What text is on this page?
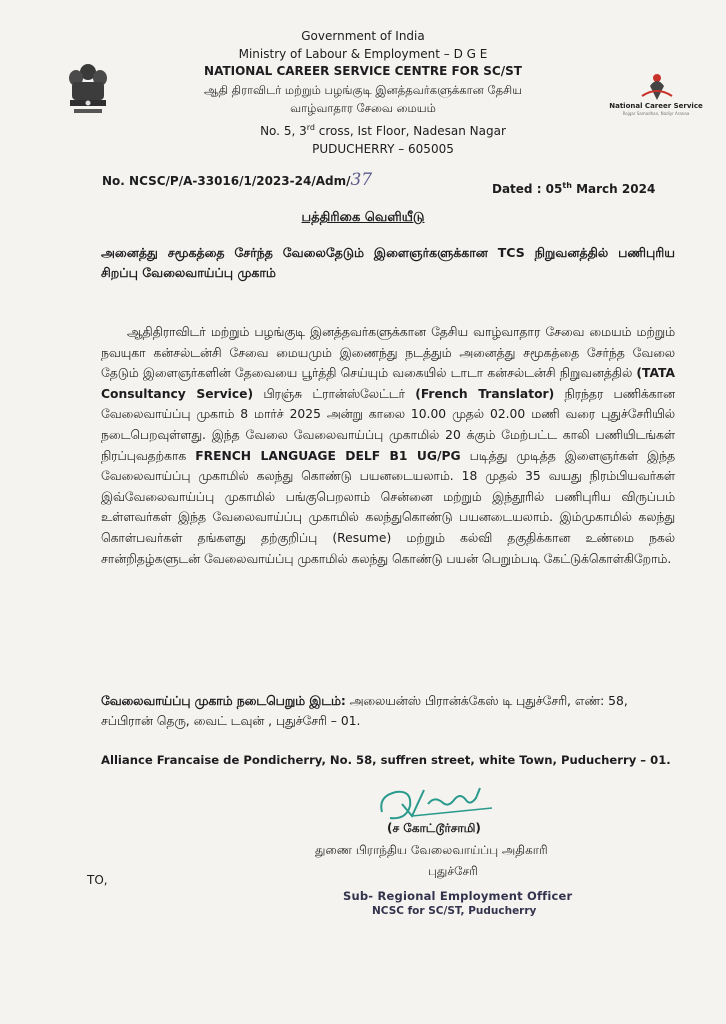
Government of India
Ministry of Labour & Employment – D G E
NATIONAL CAREER SERVICE CENTRE FOR SC/ST
ஆதி திராவிடர் மற்றும் பழங்குடி இனத்தவர்களுக்கான தேசிய
வாழ்வாதார சேவை மையம்
No. 5, 3rd cross, Ist Floor, Nadesan Nagar
PUDUCHERRY – 605005
National Career Service
Rojgar Samadhan, Nadiyr Aranaa
No. NCSC/P/A-33016/1/2023-24/Adm/37	Dated : 05th March 2024
பத்திரிகை வெளியீடு
அனைத்து சமூகத்தை சேர்ந்த வேலைதேடும் இளைஞர்களுக்கான TCS நிறுவனத்தில் பணிபுரிய சிறப்பு வேலைவாய்ப்பு முகாம்
ஆதிதிராவிடர் மற்றும் பழங்குடி இனத்தவர்களுக்கான தேசிய வாழ்வாதார சேவை மையம் மற்றும் நவயுகா கன்சல்டன்சி சேவை மையமும் இணைந்து நடத்தும் அனைத்து சமூகத்தை சேர்ந்த வேலை தேடும் இளைஞர்களின் தேவையை பூர்த்தி செய்யும் வகையில் டாடா கன்சல்டன்சி நிறுவனத்தில் (TATA Consultancy Service) பிரஞ்சு ட்ரான்ஸ்லேட்டர் (French Translator) நிரந்தர பணிக்கான வேலைவாய்ப்பு முகாம் 8 மார்ச் 2025 அன்று காலை 10.00 முதல் 02.00 மணி வரை புதுச்சேரியில் நடைபெறவுள்ளது. இந்த வேலை வேலைவாய்ப்பு முகாமில் 20 க்கும் மேற்பட்ட காலி பணியிடங்கள் நிரப்புவதற்காக FRENCH LANGUAGE DELF B1 UG/PG படித்து முடித்த இளைஞர்கள் இந்த வேலைவாய்ப்பு முகாமில் கலந்து கொண்டு பயனடையலாம். 18 முதல் 35 வயது நிரம்பியவர்கள் இவ்வேலைவாய்ப்பு முகாமில் பங்குபெறலாம் சென்னை மற்றும் இந்தூரில் பணிபுரிய விருப்பம் உள்ளவர்கள் இந்த வேலைவாய்ப்பு முகாமில் கலந்துகொண்டு பயனடையலாம். இம்முகாமில் கலந்து கொள்பவர்கள் தங்களது தற்குறிப்பு (Resume) மற்றும் கல்வி தகுதிக்கான உண்மை நகல் சான்றிதழ்களுடன் வேலைவாய்ப்பு முகாமில் கலந்து கொண்டு பயன் பெறும்படி கேட்டுக்கொள்கிறோம்.
வேலைவாய்ப்பு முகாம் நடைபெறும் இடம்: அலையன்ஸ் பிரான்க்கேஸ் டி புதுச்சேரி, எண்: 58, சப்பிரான் தெரு, வைட் டவுன் , புதுச்சேரி – 01.
Alliance Francaise de Pondicherry, No. 58, suffren street, white Town, Puducherry – 01.
(ச கோட்டூர்சாமி)
துணை பிராந்திய வேலைவாய்ப்பு அதிகாரி
புதுச்சேரி
TO,
Sub- Regional Employment Officer
NCSC for SC/ST, Puducherry
